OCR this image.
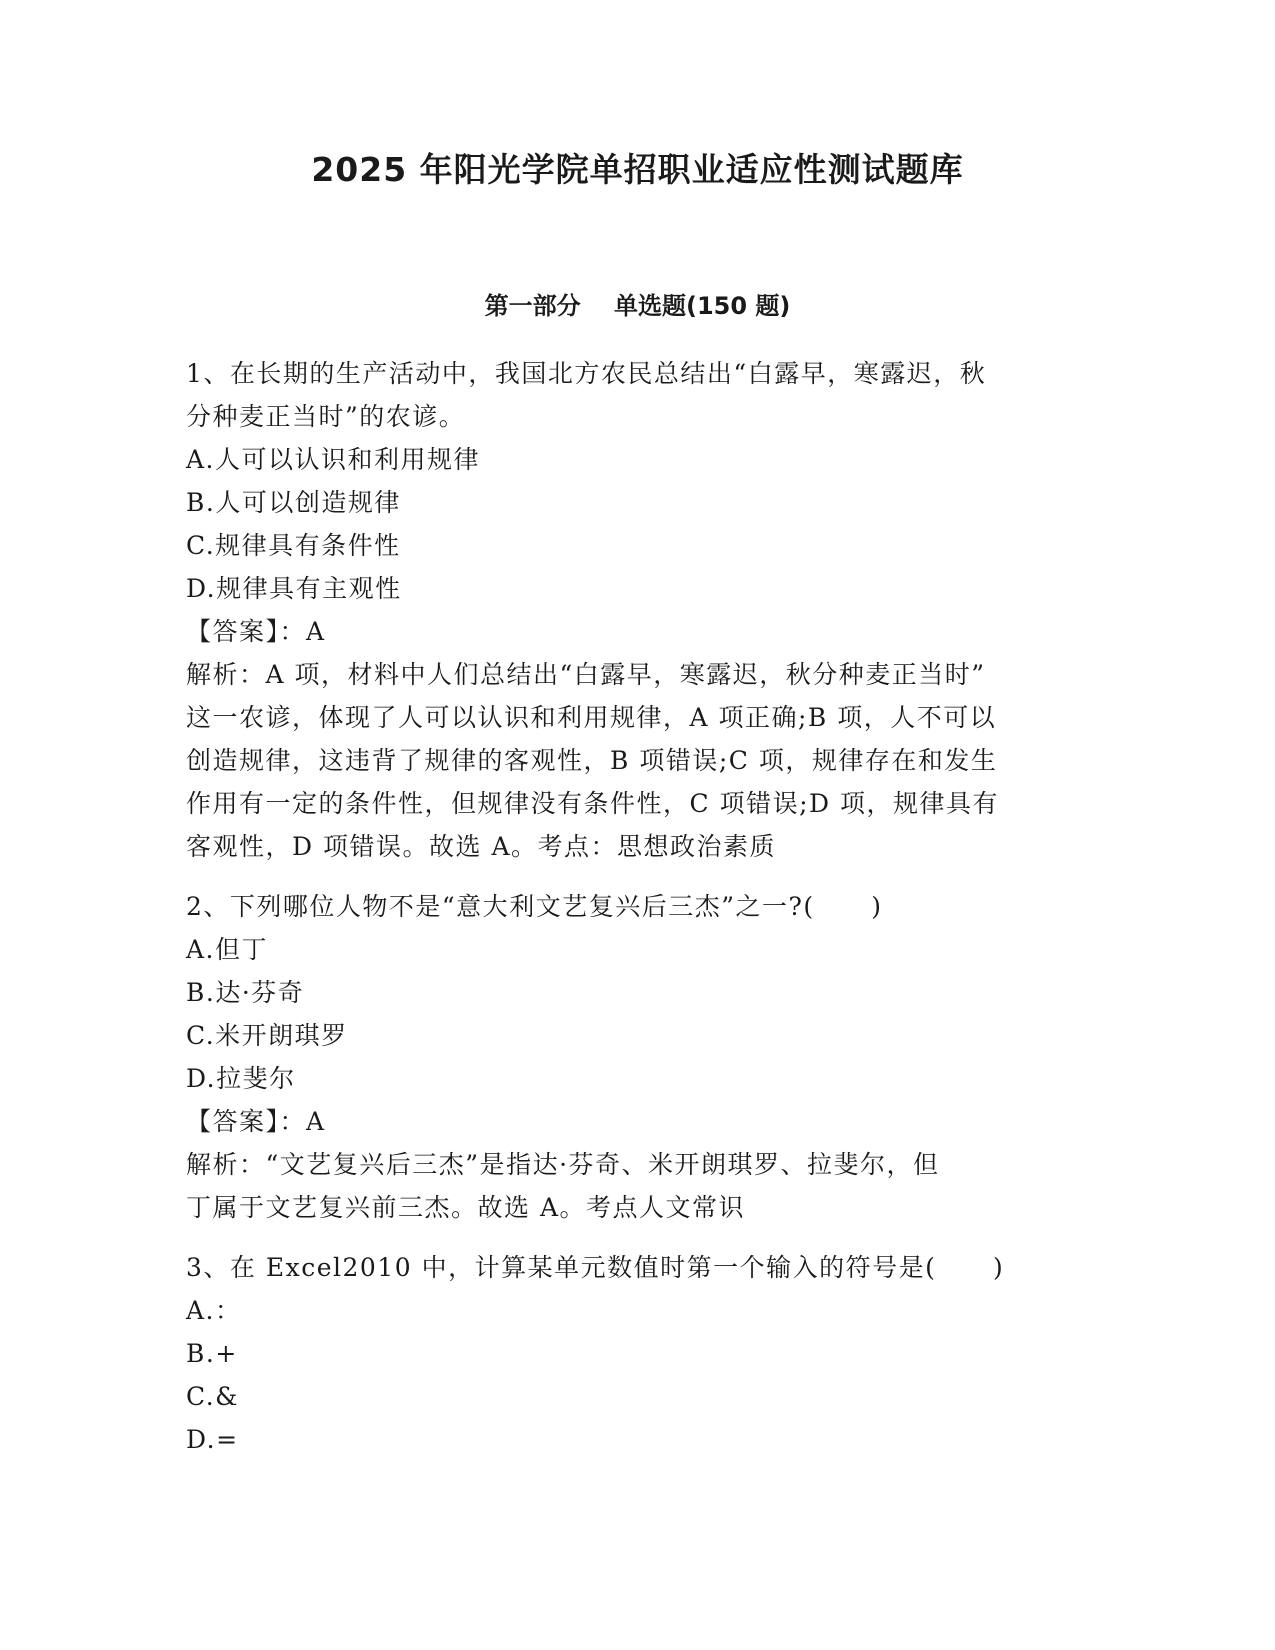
2025 年阳光学院单招职业适应性测试题库
第一部分    单选题(150 题)
1、在长期的生产活动中，我国北方农民总结出“白露早，寒露迟，秋
分种麦正当时”的农谚。
A.人可以认识和利用规律
B.人可以创造规律
C.规律具有条件性
D.规律具有主观性
【答案】：A
解析：A 项，材料中人们总结出“白露早，寒露迟，秋分种麦正当时”
这一农谚，体现了人可以认识和利用规律，A 项正确;B 项，人不可以
创造规律，这违背了规律的客观性，B 项错误;C 项，规律存在和发生
作用有一定的条件性，但规律没有条件性，C 项错误;D 项，规律具有
客观性，D 项错误。故选 A。考点：思想政治素质
2、下列哪位人物不是“意大利文艺复兴后三杰”之一?(      )
A.但丁
B.达·芬奇
C.米开朗琪罗
D.拉斐尔
【答案】：A
解析：“文艺复兴后三杰”是指达·芬奇、米开朗琪罗、拉斐尔，但
丁属于文艺复兴前三杰。故选 A。考点人文常识
3、在 Excel2010 中，计算某单元数值时第一个输入的符号是(      )
A.：
B.+
C.&
D.=
